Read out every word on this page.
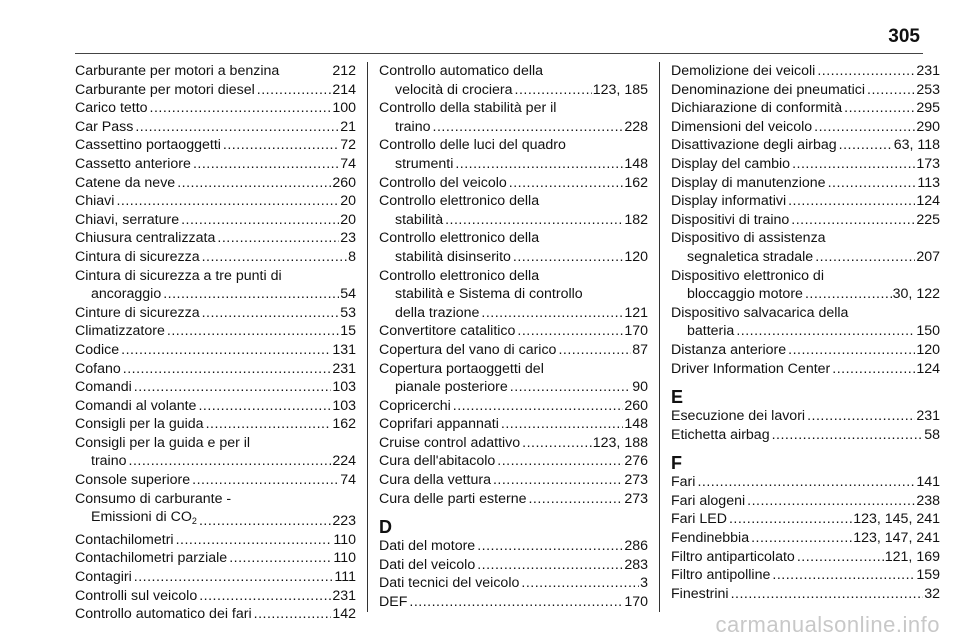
305
Carburante per motori a benzina	212
Carburante per motori diesel .....	214
Carico tetto .....	100
Car Pass .....	21
Cassettino portaoggetti .....	72
Cassetto anteriore .....	74
Catene da neve .....	260
Chiavi .....	20
Chiavi, serrature .....	20
Chiusura centralizzata .....	23
Cintura di sicurezza .....	8
Cintura di sicurezza a tre punti di
ancoraggio .....	54
Cinture di sicurezza .....	53
Climatizzatore .....	15
Codice .....	131
Cofano .....	231
Comandi .....	103
Comandi al volante .....	103
Consigli per la guida .....	162
Consigli per la guida e per il
traino .....	224
Console superiore .....	74
Consumo di carburante -
Emissioni di $CO_2$ .....	223
Contachilometri .....	110
Contachilometri parziale .....	110
Contagiri .....	111
Controlli sul veicolo .....	231
Controllo automatico dei fari .....	142
Controllo automatico della
velocità di crociera .....	123, 185
Controllo della stabilità per il
traino .....	228
Controllo delle luci del quadro
strumenti .....	148
Controllo del veicolo .....	162
Controllo elettronico della
stabilità .....	182
Controllo elettronico della
stabilità disinserito .....	120
Controllo elettronico della
stabilità e Sistema di controllo
della trazione .....	121
Convertitore catalitico .....	170
Copertura del vano di carico .....	87
Copertura portaoggetti del
pianale posteriore .....	90
Copricerchi .....	260
Coprifari appannati .....	148
Cruise control adattivo .....	123, 188
Cura dell'abitacolo .....	276
Cura della vettura .....	273
Cura delle parti esterne .....	273
D
Dati del motore .....	286
Dati del veicolo .....	283
Dati tecnici del veicolo .....	3
DEF .....	170
Demolizione dei veicoli .....	231
Denominazione dei pneumatici .....	253
Dichiarazione di conformità .....	295
Dimensioni del veicolo .....	290
Disattivazione degli airbag .....	63, 118
Display del cambio .....	173
Display di manutenzione .....	113
Display informativi .....	124
Dispositivi di traino .....	225
Dispositivo di assistenza
segnaletica stradale .....	207
Dispositivo elettronico di
bloccaggio motore .....	30, 122
Dispositivo salvacarica della
batteria .....	150
Distanza anteriore .....	120
Driver Information Center .....	124
E
Esecuzione dei lavori .....	231
Etichetta airbag .....	58
F
Fari .....	141
Fari alogeni .....	238
Fari LED .....	123, 145, 241
Fendinebbia .....	123, 147, 241
Filtro antiparticolato .....	121, 169
Filtro antipolline .....	159
Finestrini .....	32
carmanualsonline.info
